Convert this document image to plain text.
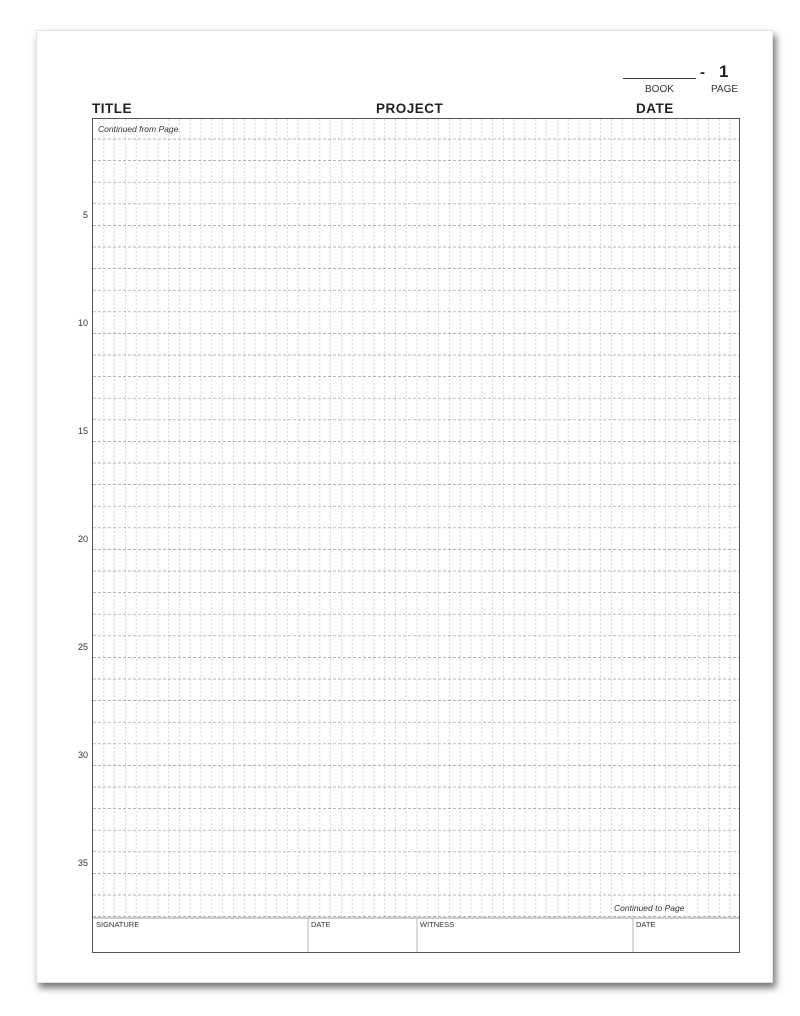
- 1
BOOK	PAGE
TITLE	PROJECT	DATE
Continued from Page
Continued to Page
5
10
15
20
25
30
35
SIGNATURE	DATE	WITNESS	DATE
